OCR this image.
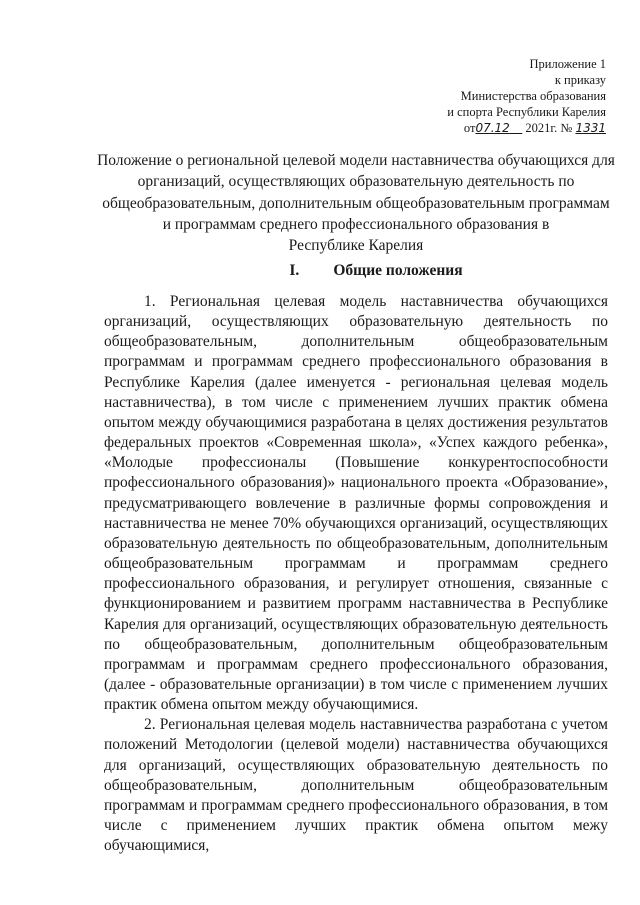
Приложение 1
к приказу
Министерства образования
и спорта Республики Карелия
от07.12 2021г. № 1331
Положение о региональной целевой модели наставничества обучающихся для
организаций, осуществляющих образовательную деятельность по
общеобразовательным, дополнительным общеобразовательным программам
и программам среднего профессионального образования в
Республике Карелия
I. Общие положения

1. Региональная целевая модель наставничества обучающихся организаций, осуществляющих образовательную деятельность по общеобразовательным, дополнительным общеобразовательным программам и программам среднего профессионального образования в Республике Карелия (далее именуется - региональная целевая модель наставничества), в том числе с применением лучших практик обмена опытом между обучающимися разработана в целях достижения результатов федеральных проектов «Современная школа», «Успех каждого ребенка», «Молодые профессионалы (Повышение конкурентоспособности профессионального образования)» национального проекта «Образование», предусматривающего вовлечение в различные формы сопровождения и наставничества не менее 70% обучающихся организаций, осуществляющих образовательную деятельность по общеобразовательным, дополнительным общеобразовательным программам и программам среднего профессионального образования, и регулирует отношения, связанные с функционированием и развитием программ наставничества в Республике Карелия для организаций, осуществляющих образовательную деятельность по общеобразовательным, дополнительным общеобразовательным программам и программам среднего профессионального образования, (далее - образовательные организации) в том числе с применением лучших практик обмена опытом между обучающимися.

2. Региональная целевая модель наставничества разработана с учетом положений Методологии (целевой модели) наставничества обучающихся для организаций, осуществляющих образовательную деятельность по общеобразовательным, дополнительным общеобразовательным программам и программам среднего профессионального образования, в том числе с применением лучших практик обмена опытом межу обучающимися,
